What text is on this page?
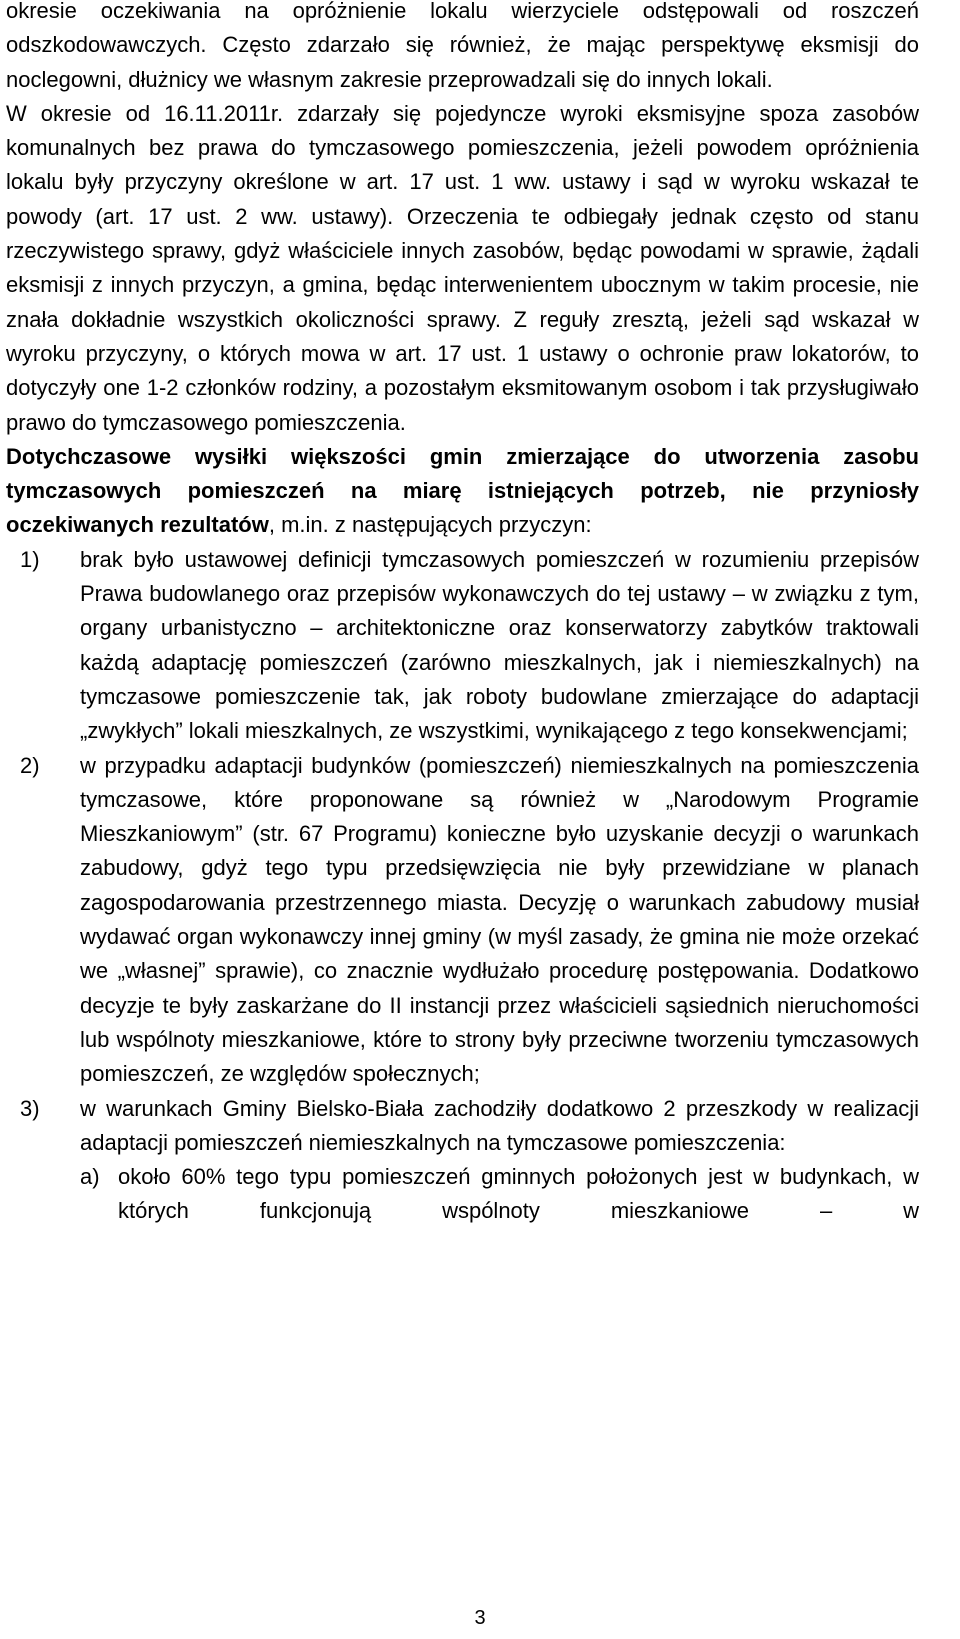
okresie oczekiwania na opróżnienie lokalu wierzyciele odstępowali od roszczeń odszkodowawczych. Często zdarzało się również, że mając perspektywę eksmisji do noclegowni, dłużnicy we własnym zakresie przeprowadzali się do innych lokali.

W okresie od 16.11.2011r. zdarzały się pojedyncze wyroki eksmisyjne spoza zasobów komunalnych bez prawa do tymczasowego pomieszczenia, jeżeli powodem opróżnienia lokalu były przyczyny określone w art. 17 ust. 1 ww. ustawy i sąd w wyroku wskazał te powody (art. 17 ust. 2 ww. ustawy). Orzeczenia te odbiegały jednak często od stanu rzeczywistego sprawy, gdyż właściciele innych zasobów, będąc powodami w sprawie, żądali eksmisji z innych przyczyn, a gmina, będąc interwenientem ubocznym w takim procesie, nie znała dokładnie wszystkich okoliczności sprawy. Z reguły zresztą, jeżeli sąd wskazał w wyroku przyczyny, o których mowa w art. 17 ust. 1 ustawy o ochronie praw lokatorów, to dotyczyły one 1-2 członków rodziny, a pozostałym eksmitowanym osobom i tak przysługiwało prawo do tymczasowego pomieszczenia.

Dotychczasowe wysiłki większości gmin zmierzające do utworzenia zasobu tymczasowych pomieszczeń na miarę istniejących potrzeb, nie przyniosły oczekiwanych rezultatów, m.in. z następujących przyczyn:

1) brak było ustawowej definicji tymczasowych pomieszczeń w rozumieniu przepisów Prawa budowlanego oraz przepisów wykonawczych do tej ustawy – w związku z tym, organy urbanistyczno – architektoniczne oraz konserwatorzy zabytków traktowali każdą adaptację pomieszczeń (zarówno mieszkalnych, jak i niemieszkalnych) na tymczasowe pomieszczenie tak, jak roboty budowlane zmierzające do adaptacji „zwykłych” lokali mieszkalnych, ze wszystkimi, wynikającego z tego konsekwencjami;
2) w przypadku adaptacji budynków (pomieszczeń) niemieszkalnych na pomieszczenia tymczasowe, które proponowane są również w „Narodowym Programie Mieszkaniowym” (str. 67 Programu) konieczne było uzyskanie decyzji o warunkach zabudowy, gdyż tego typu przedsięwzięcia nie były przewidziane w planach zagospodarowania przestrzennego miasta. Decyzję o warunkach zabudowy musiał wydawać organ wykonawczy innej gminy (w myśl zasady, że gmina nie może orzekać we „własnej” sprawie), co znacznie wydłużało procedurę postępowania. Dodatkowo decyzje te były zaskarżane do II instancji przez właścicieli sąsiednich nieruchomości lub wspólnoty mieszkaniowe, które to strony były przeciwne tworzeniu tymczasowych pomieszczeń, ze względów społecznych;
3) w warunkach Gminy Bielsko-Biała zachodziły dodatkowo 2 przeszkody w realizacji adaptacji pomieszczeń niemieszkalnych na tymczasowe pomieszczenia:
a) około 60% tego typu pomieszczeń gminnych położonych jest w budynkach, w których funkcjonują wspólnoty mieszkaniowe – w
3
